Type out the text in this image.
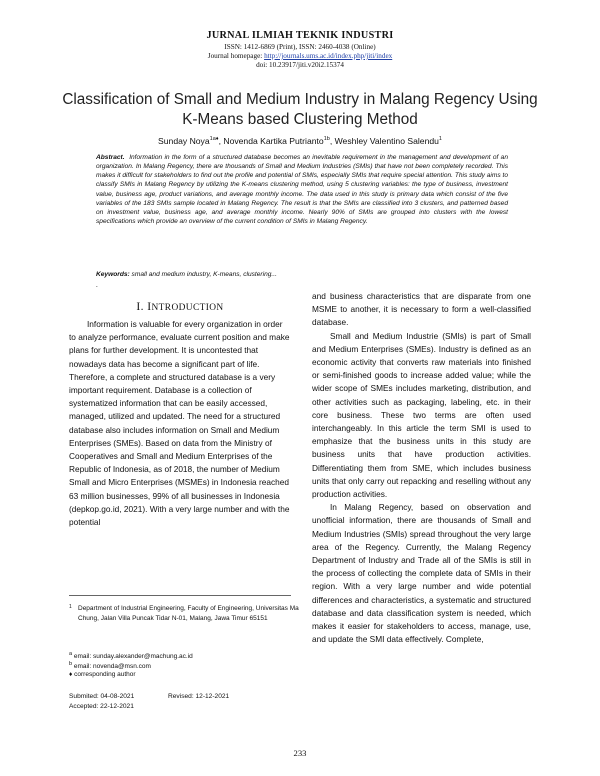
JURNAL ILMIAH TEKNIK INDUSTRI
ISSN: 1412-6869 (Print), ISSN: 2460-4038 (Online)
Journal homepage: http://journals.ums.ac.id/index.php/jiti/index
doi: 10.23917/jiti.v20i2.15374
Classification of Small and Medium Industry in Malang Regency Using K-Means based Clustering Method
Sunday Noya$^{1a♦}$, Novenda Kartika Putrianto$^{1b}$, Weshley Valentino Salendu$^1$
Abstract. Information in the form of a structured database becomes an inevitable requirement in the management and development of an organization. In Malang Regency, there are thousands of Small and Medium Industries (SMIs) that have not been completely recorded. This makes it difficult for stakeholders to find out the profile and potential of SMIs, especially SMIs that require special attention. This study aims to classify SMIs in Malang Regency by utilizing the K-means clustering method, using 5 clustering variables: the type of business, investment value, business age, product variations, and average monthly income. The data used in this study is primary data which consist of the five variables of the 183 SMIs sample located in Malang Regency. The result is that the SMIs are classified into 3 clusters, and patterned based on investment value, business age, and average monthly income. Nearly 90% of SMIs are grouped into clusters with the lowest specifications which provide an overview of the current condition of SMIs in Malang Regency.
Keywords: small and medium industry, K-means, clustering...
.
I. INTRODUCTION

Information is valuable for every organization in order to analyze performance, evaluate current position and make plans for further development. It is uncontested that nowadays data has become a significant part of life. Therefore, a complete and structured database is a very important requirement. Database is a collection of systematized information that can be easily accessed, managed, utilized and updated. The need for a structured database also includes information on Small and Medium Enterprises (SMEs). Based on data from the Ministry of Cooperatives and Small and Medium Enterprises of the Republic of Indonesia, as of 2018, the number of Medium Small and Micro Enterprises (MSMEs) in Indonesia reached 63 million businesses, 99% of all businesses in Indonesia (depkop.go.id, 2021). With a very large number and with the potential

and business characteristics that are disparate from one MSME to another, it is necessary to form a well-classified database.

Small and Medium Industrie (SMIs) is part of Small and Medium Enterprises (SMEs). Industry is defined as an economic activity that converts raw materials into finished or semi-finished goods to increase added value; while the wider scope of SMEs includes marketing, distribution, and other activities such as packaging, labeling, etc. in their core business. These two terms are often used interchangeably. In this article the term SMI is used to emphasize that the business units in this study are business units that have production activities. Differentiating them from SME, which includes business units that only carry out repacking and reselling without any production activities.

In Malang Regency, based on observation and unofficial information, there are thousands of Small and Medium Industries (SMIs) spread throughout the very large area of the Regency. Currently, the Malang Regency Department of Industry and Trade all of the SMIs is still in the process of collecting the complete data of SMIs in their region. With a very large number and wide potential differences and characteristics, a systematic and structured database and data classification system is needed, which makes it easier for stakeholders to access, manage, use, and update the SMI data effectively. Complete,

1 Department of Industrial Engineering, Faculty of Engineering, Universitas Ma Chung, Jalan Villa Puncak Tidar N-01, Malang, Jawa Timur 65151
$^a$ email: sunday.alexander@machung.ac.id
$^b$ email: novenda@msn.com
♦ corresponding author
Submited: 04-08-2021	Revised: 12-12-2021
Accepted: 22-12-2021
233
